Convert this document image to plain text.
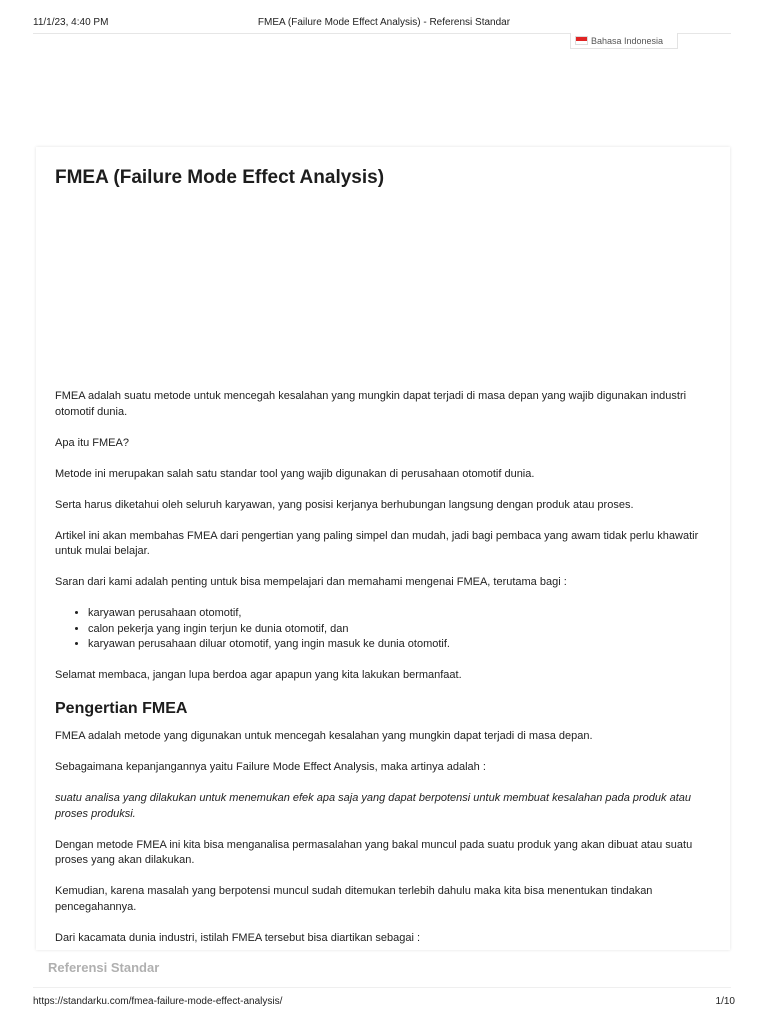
11/1/23, 4:40 PM	FMEA (Failure Mode Effect Analysis) - Referensi Standar
Bahasa Indonesia
FMEA (Failure Mode Effect Analysis)

FMEA adalah suatu metode untuk mencegah kesalahan yang mungkin dapat terjadi di masa depan yang wajib digunakan industri otomotif dunia.

Apa itu FMEA?

Metode ini merupakan salah satu standar tool yang wajib digunakan di perusahaan otomotif dunia.

Serta harus diketahui oleh seluruh karyawan, yang posisi kerjanya berhubungan langsung dengan produk atau proses.

Artikel ini akan membahas FMEA dari pengertian yang paling simpel dan mudah, jadi bagi pembaca yang awam tidak perlu khawatir untuk mulai belajar.

Saran dari kami adalah penting untuk bisa mempelajari dan memahami mengenai FMEA, terutama bagi :

• karyawan perusahaan otomotif,
• calon pekerja yang ingin terjun ke dunia otomotif, dan
• karyawan perusahaan diluar otomotif, yang ingin masuk ke dunia otomotif.

Selamat membaca, jangan lupa berdoa agar apapun yang kita lakukan bermanfaat.

Pengertian FMEA

FMEA adalah metode yang digunakan untuk mencegah kesalahan yang mungkin dapat terjadi di masa depan.

Sebagaimana kepanjangannya yaitu Failure Mode Effect Analysis, maka artinya adalah :

suatu analisa yang dilakukan untuk menemukan efek apa saja yang dapat berpotensi untuk membuat kesalahan pada produk atau proses produksi.

Dengan metode FMEA ini kita bisa menganalisa permasalahan yang bakal muncul pada suatu produk yang akan dibuat atau suatu proses yang akan dilakukan.

Kemudian, karena masalah yang berpotensi muncul sudah ditemukan terlebih dahulu maka kita bisa menentukan tindakan pencegahannya.

Dari kacamata dunia industri, istilah FMEA tersebut bisa diartikan sebagai :

Referensi Standar
https://standarku.com/fmea-failure-mode-effect-analysis/	1/10
